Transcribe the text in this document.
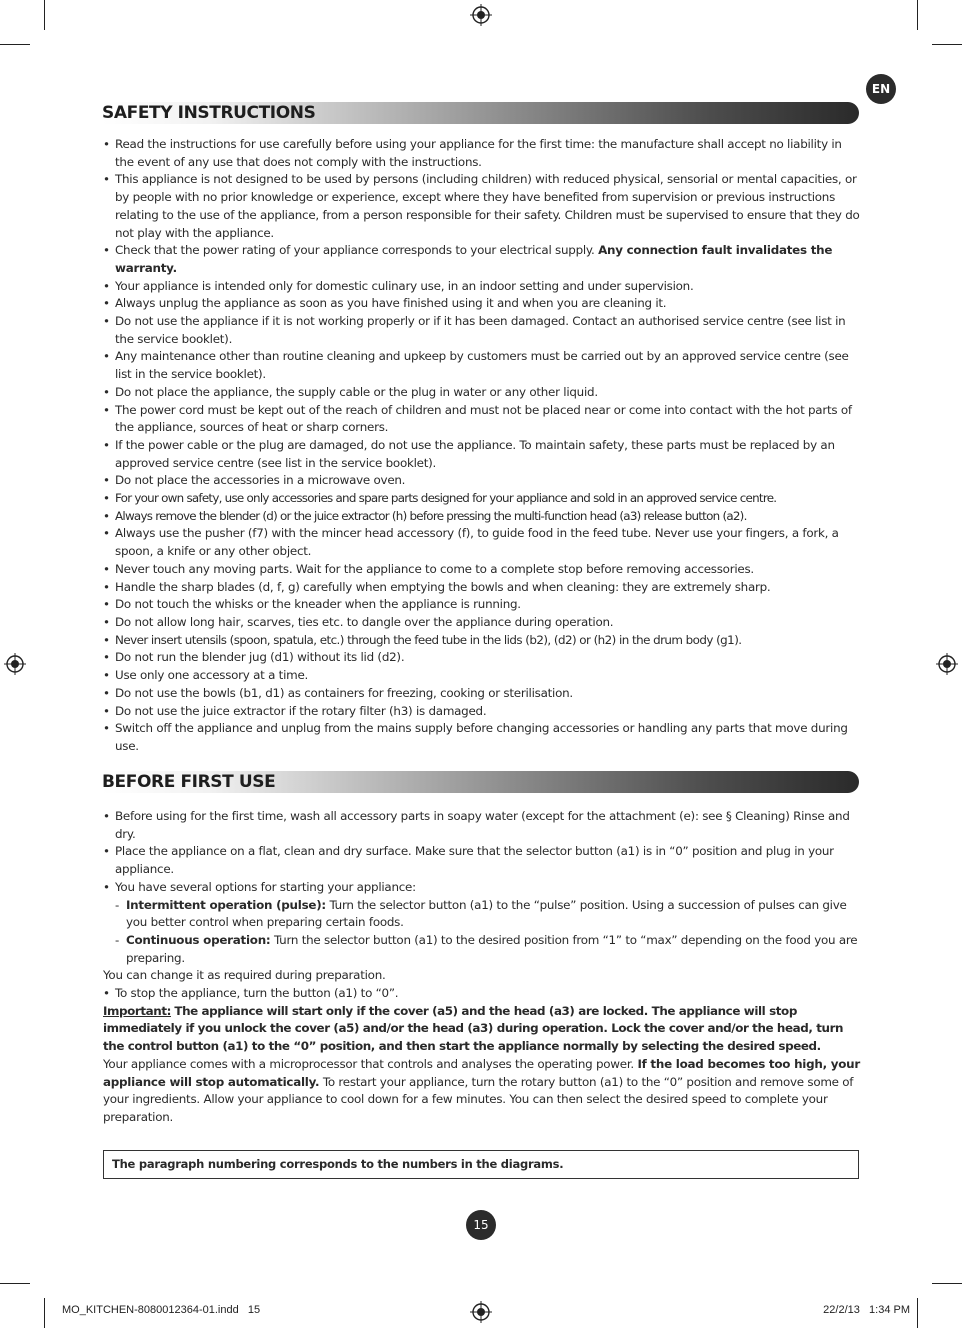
EN
SAFETY INSTRUCTIONS
• Read the instructions for use carefully before using your appliance for the first time: the manufacture shall accept no liability in the event of any use that does not comply with the instructions.
• This appliance is not designed to be used by persons (including children) with reduced physical, sensorial or mental capacities, or by people with no prior knowledge or experience, except where they have benefited from supervision or previous instructions relating to the use of the appliance, from a person responsible for their safety. Children must be supervised to ensure that they do not play with the appliance.
• Check that the power rating of your appliance corresponds to your electrical supply. Any connection fault invalidates the warranty.
• Your appliance is intended only for domestic culinary use, in an indoor setting and under supervision.
• Always unplug the appliance as soon as you have finished using it and when you are cleaning it.
• Do not use the appliance if it is not working properly or if it has been damaged. Contact an authorised service centre (see list in the service booklet).
• Any maintenance other than routine cleaning and upkeep by customers must be carried out by an approved service centre (see list in the service booklet).
• Do not place the appliance, the supply cable or the plug in water or any other liquid.
• The power cord must be kept out of the reach of children and must not be placed near or come into contact with the hot parts of the appliance, sources of heat or sharp corners.
• If the power cable or the plug are damaged, do not use the appliance. To maintain safety, these parts must be replaced by an approved service centre (see list in the service booklet).
• Do not place the accessories in a microwave oven.
• For your own safety, use only accessories and spare parts designed for your appliance and sold in an approved service centre.
• Always remove the blender (d) or the juice extractor (h) before pressing the multi-function head (a3) release button (a2).
• Always use the pusher (f7) with the mincer head accessory (f), to guide food in the feed tube. Never use your fingers, a fork, a spoon, a knife or any other object.
• Never touch any moving parts. Wait for the appliance to come to a complete stop before removing accessories.
• Handle the sharp blades (d, f, g) carefully when emptying the bowls and when cleaning: they are extremely sharp.
• Do not touch the whisks or the kneader when the appliance is running.
• Do not allow long hair, scarves, ties etc. to dangle over the appliance during operation.
• Never insert utensils (spoon, spatula, etc.) through the feed tube in the lids (b2), (d2) or (h2) in the drum body (g1).
• Do not run the blender jug (d1) without its lid (d2).
• Use only one accessory at a time.
• Do not use the bowls (b1, d1) as containers for freezing, cooking or sterilisation.
• Do not use the juice extractor if the rotary filter (h3) is damaged.
• Switch off the appliance and unplug from the mains supply before changing accessories or handling any parts that move during use.
BEFORE FIRST USE
• Before using for the first time, wash all accessory parts in soapy water (except for the attachment (e): see § Cleaning) Rinse and dry.
• Place the appliance on a flat, clean and dry surface. Make sure that the selector button (a1) is in “0” position and plug in your appliance.
• You have several options for starting your appliance:
- Intermittent operation (pulse): Turn the selector button (a1) to the “pulse” position. Using a succession of pulses can give you better control when preparing certain foods.
- Continuous operation: Turn the selector button (a1) to the desired position from “1” to “max” depending on the food you are preparing.

You can change it as required during preparation.

• To stop the appliance, turn the button (a1) to “0”.

Important: The appliance will start only if the cover (a5) and the head (a3) are locked. The appliance will stop immediately if you unlock the cover (a5) and/or the head (a3) during operation. Lock the cover and/or the head, turn the control button (a1) to the “0” position, and then start the appliance normally by selecting the desired speed.

Your appliance comes with a microprocessor that controls and analyses the operating power. If the load becomes too high, your appliance will stop automatically. To restart your appliance, turn the rotary button (a1) to the “0” position and remove some of your ingredients. Allow your appliance to cool down for a few minutes. You can then select the desired speed to complete your preparation.

The paragraph numbering corresponds to the numbers in the diagrams.
15
MO_KITCHEN-8080012364-01.indd   15	22/2/13   1:34 PM
